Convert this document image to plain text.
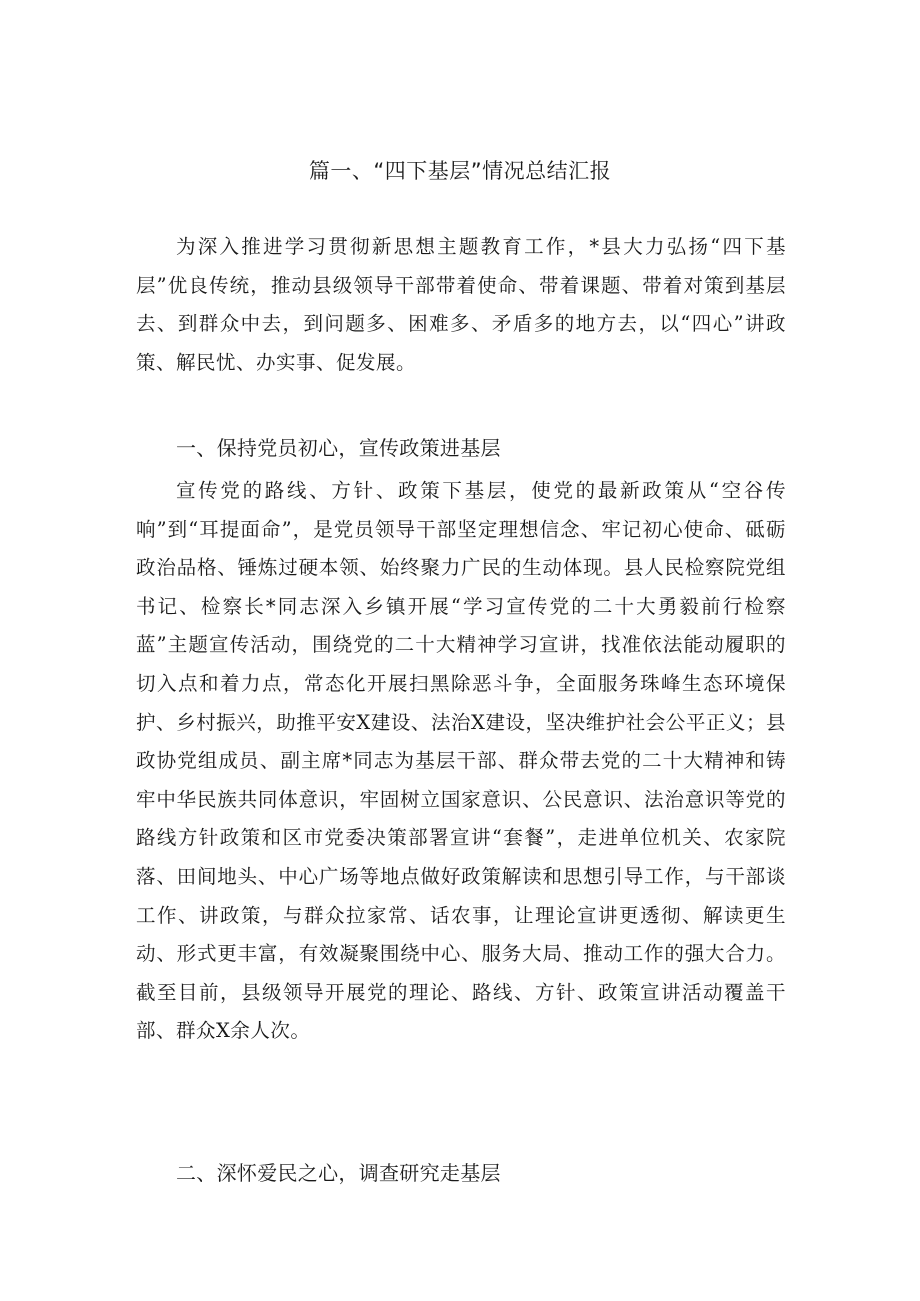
篇一、“四下基层”情况总结汇报

为深入推进学习贯彻新思想主题教育工作，*县大力弘扬“四下基层”优良传统，推动县级领导干部带着使命、带着课题、带着对策到基层去、到群众中去，到问题多、困难多、矛盾多的地方去，以“四心”讲政策、解民忧、办实事、促发展。

一、保持党员初心，宣传政策进基层

宣传党的路线、方针、政策下基层，使党的最新政策从“空谷传响”到“耳提面命”，是党员领导干部坚定理想信念、牢记初心使命、砥砺政治品格、锤炼过硬本领、始终聚力广民的生动体现。县人民检察院党组书记、检察长*同志深入乡镇开展“学习宣传党的二十大勇毅前行检察蓝”主题宣传活动，围绕党的二十大精神学习宣讲，找准依法能动履职的切入点和着力点，常态化开展扫黑除恶斗争，全面服务珠峰生态环境保护、乡村振兴，助推平安X建设、法治X建设，坚决维护社会公平正义；县政协党组成员、副主席*同志为基层干部、群众带去党的二十大精神和铸牢中华民族共同体意识，牢固树立国家意识、公民意识、法治意识等党的路线方针政策和区市党委决策部署宣讲“套餐”，走进单位机关、农家院落、田间地头、中心广场等地点做好政策解读和思想引导工作，与干部谈工作、讲政策，与群众拉家常、话农事，让理论宣讲更透彻、解读更生动、形式更丰富，有效凝聚围绕中心、服务大局、推动工作的强大合力。截至目前，县级领导开展党的理论、路线、方针、政策宣讲活动覆盖干部、群众X余人次。

二、深怀爱民之心，调查研究走基层
